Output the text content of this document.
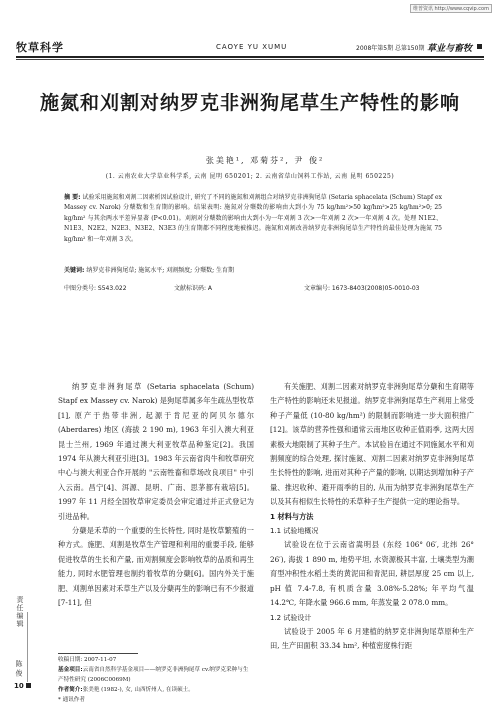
维普资讯 http://www.cqvip.com
牧草科学	CAOYE YU XUMU	2008年第5期 总第150期 草业与畜牧
施氮和刈割对纳罗克非洲狗尾草生产特性的影响
张美艳¹, 邓菊芬², 尹 俊²
(1. 云南农业大学草业科学系, 云南 昆明 650201; 2. 云南省草山饲料工作站, 云南 昆明 650225)
摘 要: 试验采用施氮和刈割二因素析因试验设计, 研究了不同的施氮和刈割组合对纳罗克非洲狗尾草 (Setaria sphacelata (Schum) Stapf ex Massey cv. Narok) 分蘖数和生育期的影响。结果表明: 施氮对分蘖数的影响由大到小为 75 kg/hm²>50 kg/hm²>25 kg/hm²>0; 25 kg/hm² 与其余两水平差异显著 (P<0.01)。刈割对分蘖数的影响由大到小为一年刈割 3 次>一年刈割 2 次>一年刈割 4 次。处理 N1E2、N1E3、N2E2、N2E3、N3E2、N3E3 的生育期都不同程度地被推迟。施氮和刈割改善纳罗克非洲狗尾草生产特性的最佳处理为施氮 75 kg/hm² 和一年刈割 3 次。
关键词: 纳罗克非洲狗尾草; 施氮水平; 刈割频度; 分蘖数; 生育期
中图分类号: S543.022	文献标识码: A	文章编号: 1673-8403(2008)05-0010-03

纳罗克非洲狗尾草 (Setaria sphacelata (Schum) Stapf ex Massey cv. Narok) 是狗尾草属多年生疏丛型牧草[1], 原产于热带非洲, 起源于肯尼亚的阿贝尔德尔 (Aberdares) 地区 (海拔 2 190 m), 1963 年引入澳大利亚昆士兰州, 1969 年通过澳大利亚牧草品种鉴定[2]。我国 1974 年从澳大利亚引进[3]。1983 年云南省肉牛和牧草研究中心与澳大利亚合作开展的 "云南牲畜和草场改良项目" 中引入云南。昌宁[4]、洱源、昆明、广南、思茅都有栽培[5]。1997 年 11 月经全国牧草审定委员会审定通过并正式登记为引进品种。

分蘖是禾草的一个重要的生长特性, 同时是牧草繁殖的一种方式。施肥、刈割是牧草生产管理和利用的重要手段, 能够促进牧草的生长和产量, 而刈割频度会影响牧草的品质和再生能力, 同时水肥管理也制约着牧草的分蘖[6]。国内外关于施肥、刈割单因素对禾草生产以及分蘖再生的影响已有不少报道[7-11], 但

有关施肥、刈割二因素对纳罗克非洲狗尾草分蘖和生育期等生产特性的影响还未见报道。纳罗克非洲狗尾草生产利用上常受种子产量低 (10-80 kg/hm²) 的限制而影响进一步大面积推广[12]。该草的营养性强和通常云南地区收种正值雨季, 这两大因素极大地限制了其种子生产。本试验旨在通过不同施氮水平和刈割频度的综合处理, 探讨施氮、刈割二因素对纳罗克非洲狗尾草生长特性的影响, 进而对其种子产量的影响, 以期达到增加种子产量、推迟收种、避开雨季的目的, 从而为纳罗克非洲狗尾草生产以及其有相似生长特性的禾草种子生产提供一定的理论指导。

1 材料与方法

1.1 试验地概况

试验设在位于云南省嵩明县 (东经 106° 06′, 北纬 26° 26′), 海拔 1 890 m, 地势平坦, 水资源极其丰富, 土壤类型为潮育型冲积性水稻土类的黄泥田和青泥田, 耕层厚度 25 cm 以上, pH 值 7.4-7.8, 有机质含量 3.08%-5.28%; 年平均气温 14.2℃, 年降水量 966.6 mm, 年蒸发量 2 078.0 mm。

1.2 试验设计

试验设于 2005 年 6 月建植的纳罗克非洲狗尾草原种生产田, 生产田面积 33.34 hm², 种植密度株行距

收稿日期: 2007-11-07
基金项目:云南省自然科学基金项目——纳罗克非洲狗尾草 cv.纳罗克采种与生产特性研究 (2006C0069M)
作者简介:张美艳 (1982-), 女, 山西忻州人, 在读硕士。
* 通讯作者
责任编辑
陈 俊
10
